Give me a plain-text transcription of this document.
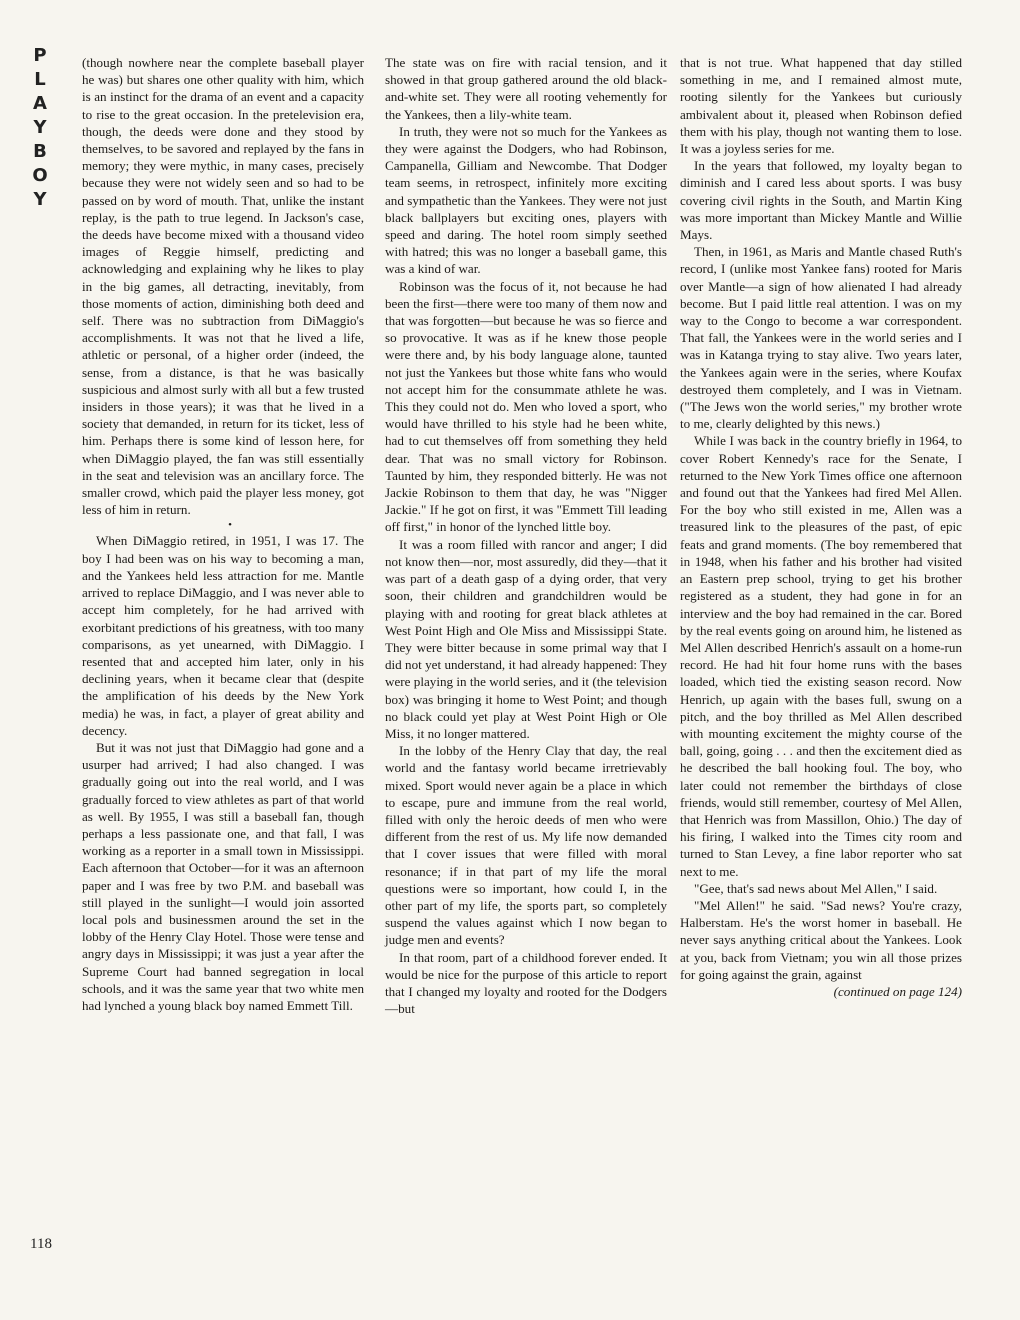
P
L
A
Y
B
O
Y
118

(though nowhere near the complete baseball player he was) but shares one other quality with him, which is an instinct for the drama of an event and a capacity to rise to the great occasion. In the pretelevision era, though, the deeds were done and they stood by themselves, to be savored and replayed by the fans in memory; they were mythic, in many cases, precisely because they were not widely seen and so had to be passed on by word of mouth. That, unlike the instant replay, is the path to true legend. In Jackson's case, the deeds have become mixed with a thousand video images of Reggie himself, predicting and acknowledging and explaining why he likes to play in the big games, all detracting, inevitably, from those moments of action, diminishing both deed and self. There was no subtraction from DiMaggio's accomplishments. It was not that he lived a life, athletic or personal, of a higher order (indeed, the sense, from a distance, is that he was basically suspicious and almost surly with all but a few trusted insiders in those years); it was that he lived in a society that demanded, in return for its ticket, less of him. Perhaps there is some kind of lesson here, for when DiMaggio played, the fan was still essentially in the seat and television was an ancillary force. The smaller crowd, which paid the player less money, got less of him in return.

•

When DiMaggio retired, in 1951, I was 17. The boy I had been was on his way to becoming a man, and the Yankees held less attraction for me. Mantle arrived to replace DiMaggio, and I was never able to accept him completely, for he had arrived with exorbitant predictions of his greatness, with too many comparisons, as yet unearned, with DiMaggio. I resented that and accepted him later, only in his declining years, when it became clear that (despite the amplification of his deeds by the New York media) he was, in fact, a player of great ability and decency.

But it was not just that DiMaggio had gone and a usurper had arrived; I had also changed. I was gradually going out into the real world, and I was gradually forced to view athletes as part of that world as well. By 1955, I was still a baseball fan, though perhaps a less passionate one, and that fall, I was working as a reporter in a small town in Mississippi. Each afternoon that October—for it was an afternoon paper and I was free by two P.M. and baseball was still played in the sunlight—I would join assorted local pols and businessmen around the set in the lobby of the Henry Clay Hotel. Those were tense and angry days in Mississippi; it was just a year after the Supreme Court had banned segregation in local schools, and it was the same year that two white men had lynched a young black boy named Emmett Till.

The state was on fire with racial tension, and it showed in that group gathered around the old black-and-white set. They were all rooting vehemently for the Yankees, then a lily-white team.

In truth, they were not so much for the Yankees as they were against the Dodgers, who had Robinson, Campanella, Gilliam and Newcombe. That Dodger team seems, in retrospect, infinitely more exciting and sympathetic than the Yankees. They were not just black ballplayers but exciting ones, players with speed and daring. The hotel room simply seethed with hatred; this was no longer a baseball game, this was a kind of war.

Robinson was the focus of it, not because he had been the first—there were too many of them now and that was forgotten—but because he was so fierce and so provocative. It was as if he knew those people were there and, by his body language alone, taunted not just the Yankees but those white fans who would not accept him for the consummate athlete he was. This they could not do. Men who loved a sport, who would have thrilled to his style had he been white, had to cut themselves off from something they held dear. That was no small victory for Robinson. Taunted by him, they responded bitterly. He was not Jackie Robinson to them that day, he was "Nigger Jackie." If he got on first, it was "Emmett Till leading off first," in honor of the lynched little boy.

It was a room filled with rancor and anger; I did not know then—nor, most assuredly, did they—that it was part of a death gasp of a dying order, that very soon, their children and grandchildren would be playing with and rooting for great black athletes at West Point High and Ole Miss and Mississippi State. They were bitter because in some primal way that I did not yet understand, it had already happened: They were playing in the world series, and it (the television box) was bringing it home to West Point; and though no black could yet play at West Point High or Ole Miss, it no longer mattered.

In the lobby of the Henry Clay that day, the real world and the fantasy world became irretrievably mixed. Sport would never again be a place in which to escape, pure and immune from the real world, filled with only the heroic deeds of men who were different from the rest of us. My life now demanded that I cover issues that were filled with moral resonance; if in that part of my life the moral questions were so important, how could I, in the other part of my life, the sports part, so completely suspend the values against which I now began to judge men and events?

In that room, part of a childhood forever ended. It would be nice for the purpose of this article to report that I changed my loyalty and rooted for the Dodgers—but

that is not true. What happened that day stilled something in me, and I remained almost mute, rooting silently for the Yankees but curiously ambivalent about it, pleased when Robinson defied them with his play, though not wanting them to lose. It was a joyless series for me.

In the years that followed, my loyalty began to diminish and I cared less about sports. I was busy covering civil rights in the South, and Martin King was more important than Mickey Mantle and Willie Mays.

Then, in 1961, as Maris and Mantle chased Ruth's record, I (unlike most Yankee fans) rooted for Maris over Mantle—a sign of how alienated I had already become. But I paid little real attention. I was on my way to the Congo to become a war correspondent. That fall, the Yankees were in the world series and I was in Katanga trying to stay alive. Two years later, the Yankees again were in the series, where Koufax destroyed them completely, and I was in Vietnam. ("The Jews won the world series," my brother wrote to me, clearly delighted by this news.)

While I was back in the country briefly in 1964, to cover Robert Kennedy's race for the Senate, I returned to the New York Times office one afternoon and found out that the Yankees had fired Mel Allen. For the boy who still existed in me, Allen was a treasured link to the pleasures of the past, of epic feats and grand moments. (The boy remembered that in 1948, when his father and his brother had visited an Eastern prep school, trying to get his brother registered as a student, they had gone in for an interview and the boy had remained in the car. Bored by the real events going on around him, he listened as Mel Allen described Henrich's assault on a home-run record. He had hit four home runs with the bases loaded, which tied the existing season record. Now Henrich, up again with the bases full, swung on a pitch, and the boy thrilled as Mel Allen described with mounting excitement the mighty course of the ball, going, going . . . and then the excitement died as he described the ball hooking foul. The boy, who later could not remember the birthdays of close friends, would still remember, courtesy of Mel Allen, that Henrich was from Massillon, Ohio.) The day of his firing, I walked into the Times city room and turned to Stan Levey, a fine labor reporter who sat next to me.

"Gee, that's sad news about Mel Allen," I said.

"Mel Allen!" he said. "Sad news? You're crazy, Halberstam. He's the worst homer in baseball. He never says anything critical about the Yankees. Look at you, back from Vietnam; you win all those prizes for going against the grain, against

(continued on page 124)
